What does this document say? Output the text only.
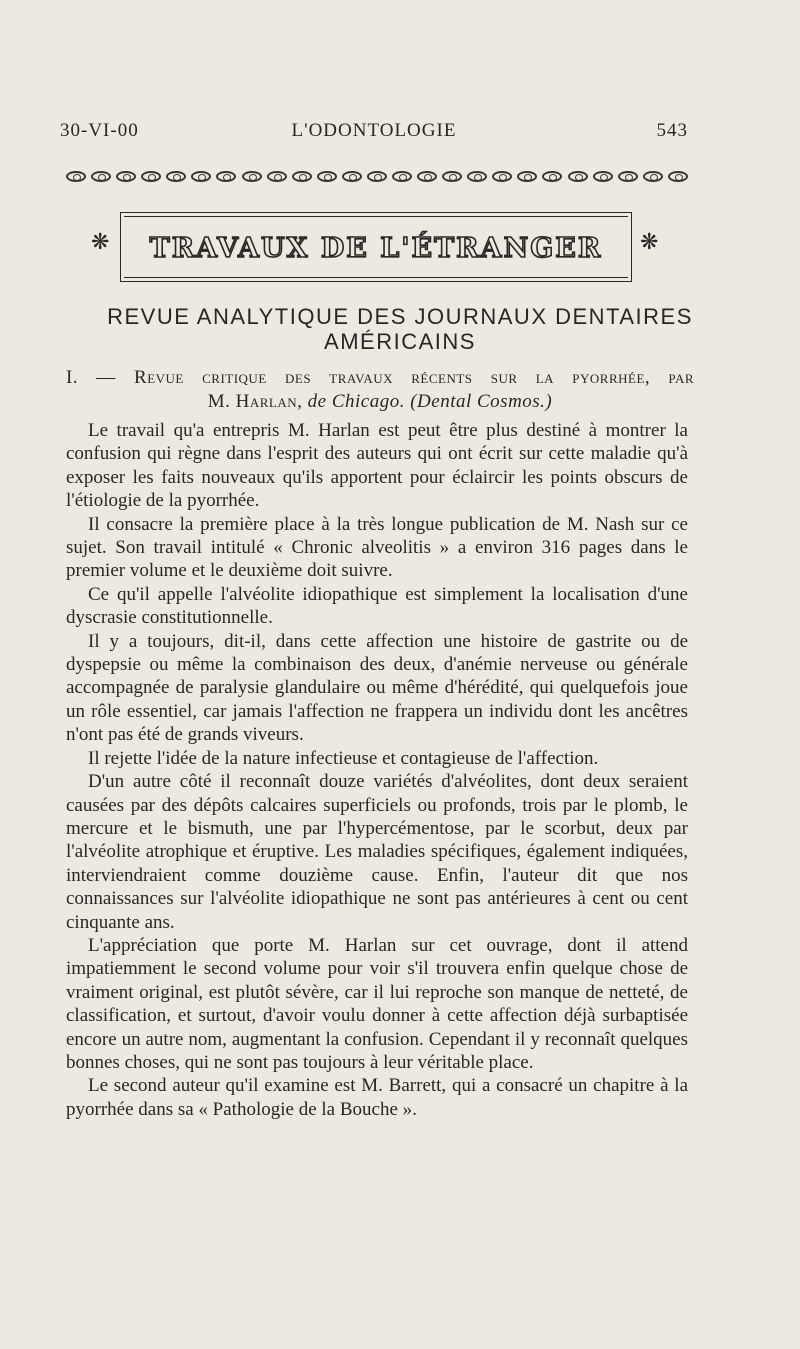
30-VI-00	L'ODONTOLOGIE	543
❋	TRAVAUX DE L'ÉTRANGER	❋
REVUE ANALYTIQUE DES JOURNAUX DENTAIRES AMÉRICAINS
I. — Revue critique des travaux récents sur la pyorrhée, par
M. Harlan, de Chicago. (Dental Cosmos.)

Le travail qu'a entrepris M. Harlan est peut être plus destiné à montrer la confusion qui règne dans l'esprit des auteurs qui ont écrit sur cette maladie qu'à exposer les faits nouveaux qu'ils apportent pour éclaircir les points obscurs de l'étiologie de la pyorrhée.

Il consacre la première place à la très longue publication de M. Nash sur ce sujet. Son travail intitulé « Chronic alveolitis » a environ 316 pages dans le premier volume et le deuxième doit suivre.

Ce qu'il appelle l'alvéolite idiopathique est simplement la localisation d'une dyscrasie constitutionnelle.

Il y a toujours, dit-il, dans cette affection une histoire de gastrite ou de dyspepsie ou même la combinaison des deux, d'anémie nerveuse ou générale accompagnée de paralysie glandulaire ou même d'hérédité, qui quelquefois joue un rôle essentiel, car jamais l'affection ne frappera un individu dont les ancêtres n'ont pas été de grands viveurs.

Il rejette l'idée de la nature infectieuse et contagieuse de l'affection.

D'un autre côté il reconnaît douze variétés d'alvéolites, dont deux seraient causées par des dépôts calcaires superficiels ou profonds, trois par le plomb, le mercure et le bismuth, une par l'hypercémentose, par le scorbut, deux par l'alvéolite atrophique et éruptive. Les maladies spécifiques, également indiquées, interviendraient comme douzième cause. Enfin, l'auteur dit que nos connaissances sur l'alvéolite idiopathique ne sont pas antérieures à cent ou cent cinquante ans.

L'appréciation que porte M. Harlan sur cet ouvrage, dont il attend impatiemment le second volume pour voir s'il trouvera enfin quelque chose de vraiment original, est plutôt sévère, car il lui reproche son manque de netteté, de classification, et surtout, d'avoir voulu donner à cette affection déjà surbaptisée encore un autre nom, augmentant la confusion. Cependant il y reconnaît quelques bonnes choses, qui ne sont pas toujours à leur véritable place.

Le second auteur qu'il examine est M. Barrett, qui a consacré un chapitre à la pyorrhée dans sa « Pathologie de la Bouche ».
